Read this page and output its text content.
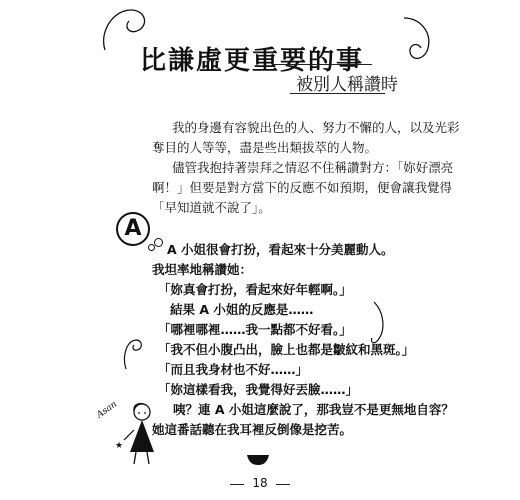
比謙虛更重要的事
被別人稱讚時
我的身邊有容貌出色的人、努力不懈的人，以及光彩
奪目的人等等，盡是些出類拔萃的人物。
儘管我抱持著崇拜之情忍不住稱讚對方：「妳好漂亮
啊！」但要是對方當下的反應不如預期，便會讓我覺得
「早知道就不說了」。
A
A 小姐很會打扮，看起來十分美麗動人。
我坦率地稱讚她：
「妳真會打扮，看起來好年輕啊。」
結果 A 小姐的反應是……
「哪裡哪裡……我一點都不好看。」
「我不但小腹凸出，臉上也都是皺紋和黑斑。」
「而且我身材也不好……」
「妳這樣看我，我覺得好丟臉……」
咦？連 A 小姐這麼說了，那我豈不是更無地自容？
她這番話聽在我耳裡反倒像是挖苦。
Asan
★
18
